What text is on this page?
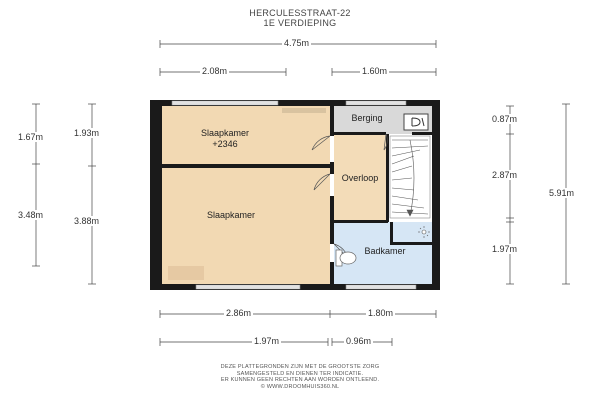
HERCULESSTRAAT-22
1E VERDIEPING
Slaapkamer
+2346
Slaapkamer
Berging
Overloop
Badkamer
4.75m
2.08m	1.60m
2.86m	1.80m
1.97m	0.96m
1.67m
3.48m
1.93m
3.88m
0.87m
2.87m
1.97m
5.91m
DEZE PLATTEGRONDEN ZIJN MET DE GROOTSTE ZORG
SAMENGESTELD EN DIENEN TER INDICATIE.
ER KUNNEN GEEN RECHTEN AAN WORDEN ONTLEEND.
© WWW.DROOMHUIS360.NL
